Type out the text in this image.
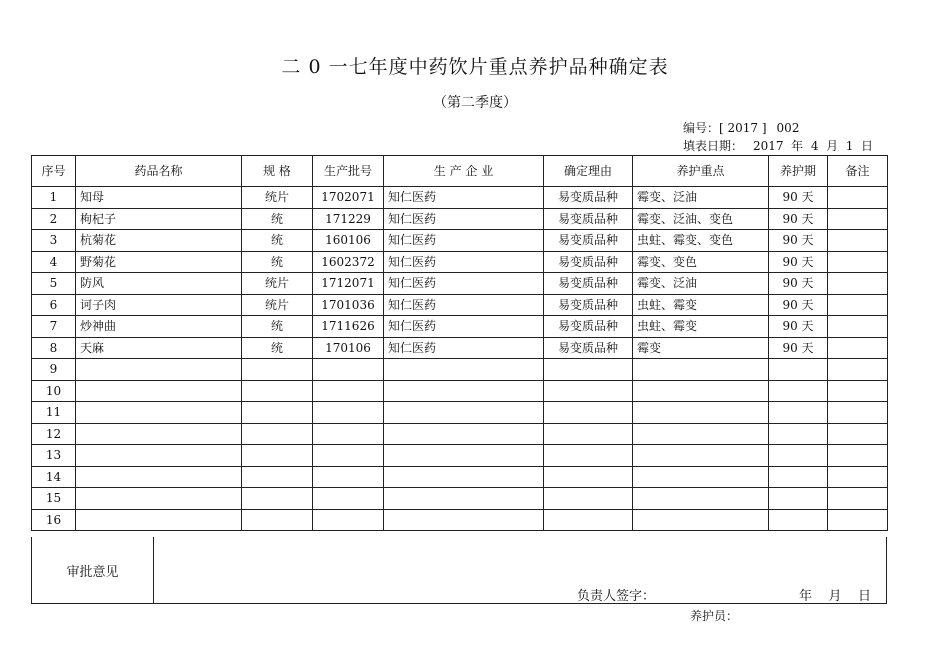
二 0 一七年度中药饮片重点养护品种确定表
（第二季度）
编号：[ 2017 ] 002
填表日期： 2017  年  4  月  1  日
序号	药品名称	规 格	生产批号	生 产 企 业	确定理由	养护重点	养护期	备注
1	知母	统片	1702071	知仁医药	易变质品种	霉变、泛油	90 天	
2	枸杞子	统	171229	知仁医药	易变质品种	霉变、泛油、变色	90 天	
3	杭菊花	统	160106	知仁医药	易变质品种	虫蛀、霉变、变色	90 天	
4	野菊花	统	1602372	知仁医药	易变质品种	霉变、变色	90 天	
5	防风	统片	1712071	知仁医药	易变质品种	霉变、泛油	90 天	
6	诃子肉	统片	1701036	知仁医药	易变质品种	虫蛀、霉变	90 天	
7	炒神曲	统	1711626	知仁医药	易变质品种	虫蛀、霉变	90 天	
8	天麻	统	170106	知仁医药	易变质品种	霉变	90 天	
9								
10								
11								
12								
13								
14								
15								
16								
审批意见
负责人签字：	年    月    日
养护员：
